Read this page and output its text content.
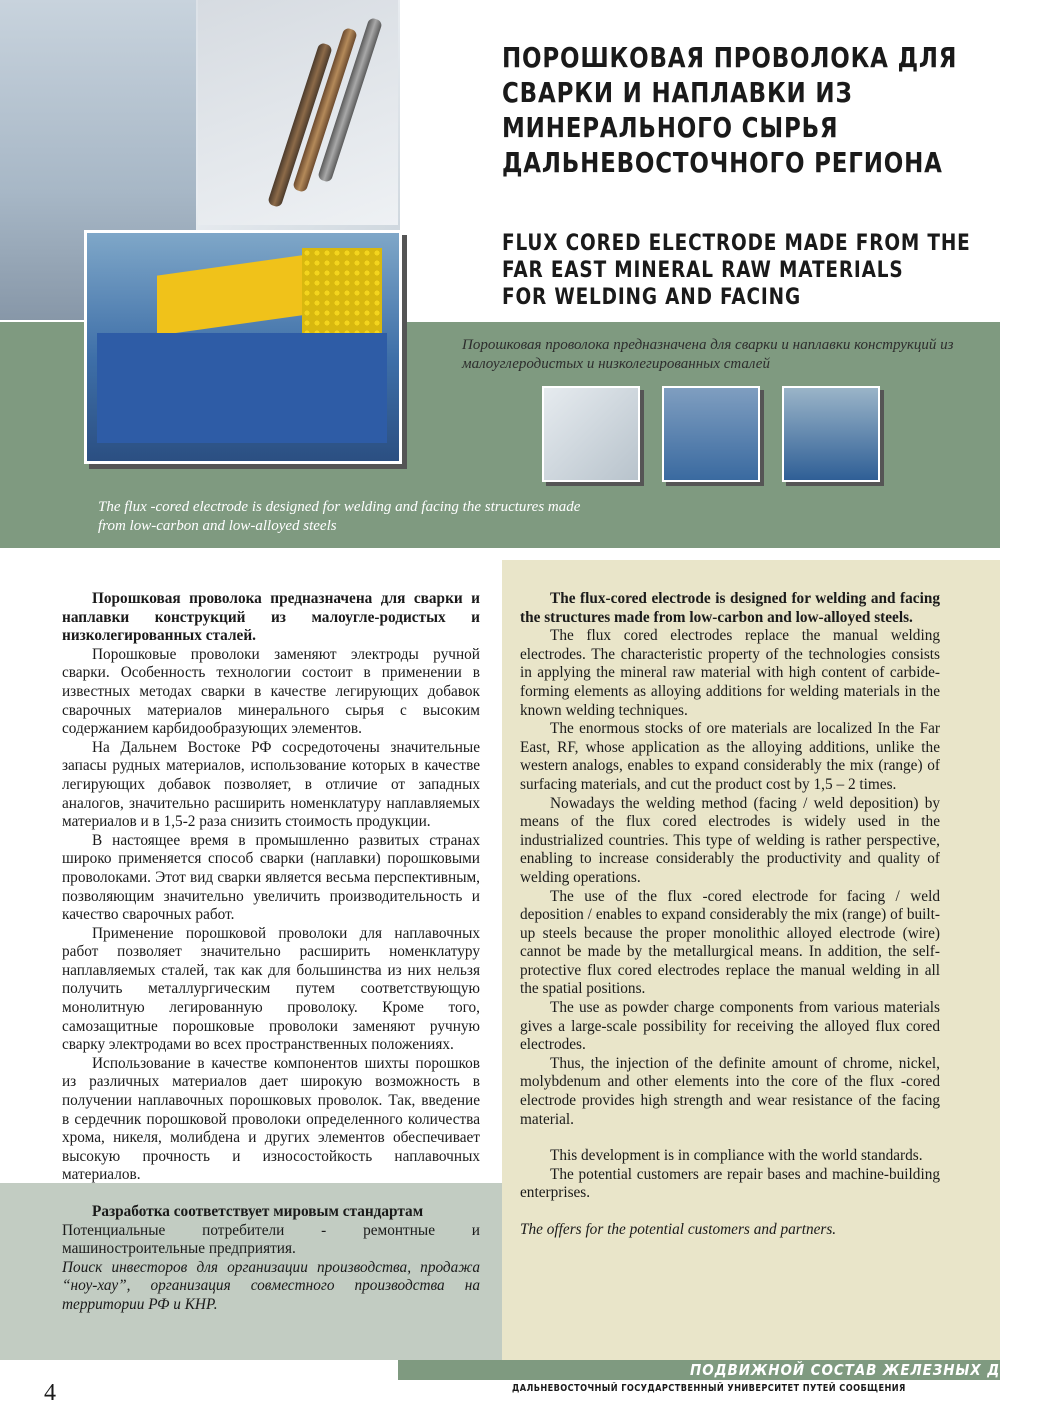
ПОРОШКОВАЯ ПРОВОЛОКА ДЛЯ
СВАРКИ И НАПЛАВКИ ИЗ
МИНЕРАЛЬНОГО СЫРЬЯ
ДАЛЬНЕВОСТОЧНОГО РЕГИОНА
FLUX CORED ELECTRODE MADE FROM THE
FAR EAST MINERAL RAW MATERIALS
FOR WELDING AND FACING
Порошковая проволока предназначена для сварки и наплавки конструкций из малоуглеродистых и низколегированных сталей
The flux -cored electrode is designed for welding and facing the structures made from low-carbon and low-alloyed steels

Порошковая проволока предназначена для сварки и наплавки конструкций из малоугле-родистых и низколегированных сталей.

Порошковые проволоки заменяют электроды ручной сварки. Особенность технологии состоит в применении в известных методах сварки в качестве легирующих добавок сварочных материалов минерального сырья с высоким содержанием карбидообразующих элементов.

На Дальнем Востоке РФ сосредоточены значительные запасы рудных материалов, использование которых в качестве легирующих добавок позволяет, в отличие от западных аналогов, значительно расширить номенклатуру наплавляемых материалов и в 1,5-2 раза снизить стоимость продукции.

В настоящее время в промышленно развитых странах широко применяется способ сварки (наплавки) порошковыми проволоками. Этот вид сварки является весьма перспективным, позволяющим значительно увеличить производительность и качество сварочных работ.

Применение порошковой проволоки для наплавочных работ позволяет значительно расширить номенклатуру наплавляемых сталей, так как для большинства из них нельзя получить металлургическим путем соответствующую монолитную легированную проволоку. Кроме того, самозащитные порошковые проволоки заменяют ручную сварку электродами во всех пространственных положениях.

Использование в качестве компонентов шихты порошков из различных материалов дает широкую возможность в получении наплавочных порошковых проволок. Так, введение в сердечник порошковой проволоки определенного количества хрома, никеля, молибдена и других элементов обеспечивает высокую прочность и износостойкость наплавочных материалов.

Разработка соответствует мировым стандартам

Потенциальные потребители - ремонтные и машиностроительные предприятия.

Поиск инвесторов для организации производства, продажа “ноу-хау”, организация совместного производства на территории РФ и КНР.

The flux-cored electrode is designed for welding and facing the structures made from low-carbon and low-alloyed steels.

The flux cored electrodes replace the manual welding electrodes. The characteristic property of the technologies consists in applying the mineral raw material with high content of carbide-forming elements as alloying additions for welding materials in the known welding techniques.

The enormous stocks of ore materials are localized In the Far East, RF, whose application as the alloying additions, unlike the western analogs, enables to expand considerably the mix (range) of surfacing materials, and cut the product cost by 1,5 – 2 times.

Nowadays the welding method (facing / weld deposition) by means of the flux cored electrodes is widely used in the industrialized countries. This type of welding is rather perspective, enabling to increase considerably the productivity and quality of welding operations.

The use of the flux -cored electrode for facing / weld deposition / enables to expand considerably the mix (range) of built-up steels because the proper monolithic alloyed electrode (wire) cannot be made by the metallurgical means. In addition, the self-protective flux cored electrodes replace the manual welding in all the spatial positions.

The use as powder charge components from various materials gives a large-scale possibility for receiving the alloyed flux cored electrodes.

Thus, the injection of the definite amount of chrome, nickel, molybdenum and other elements into the core of the flux -cored electrode provides high strength and wear resistance of the facing material.

This development is in compliance with the world standards.

The potential customers are repair bases and machine-building enterprises.

The offers for the potential customers and partners.

ПОДВИЖНОЙ СОСТАВ ЖЕЛЕЗНЫХ ДОРОГ
ДАЛЬНЕВОСТОЧНЫЙ ГОСУДАРСТВЕННЫЙ УНИВЕРСИТЕТ ПУТЕЙ СООБЩЕНИЯ
4
